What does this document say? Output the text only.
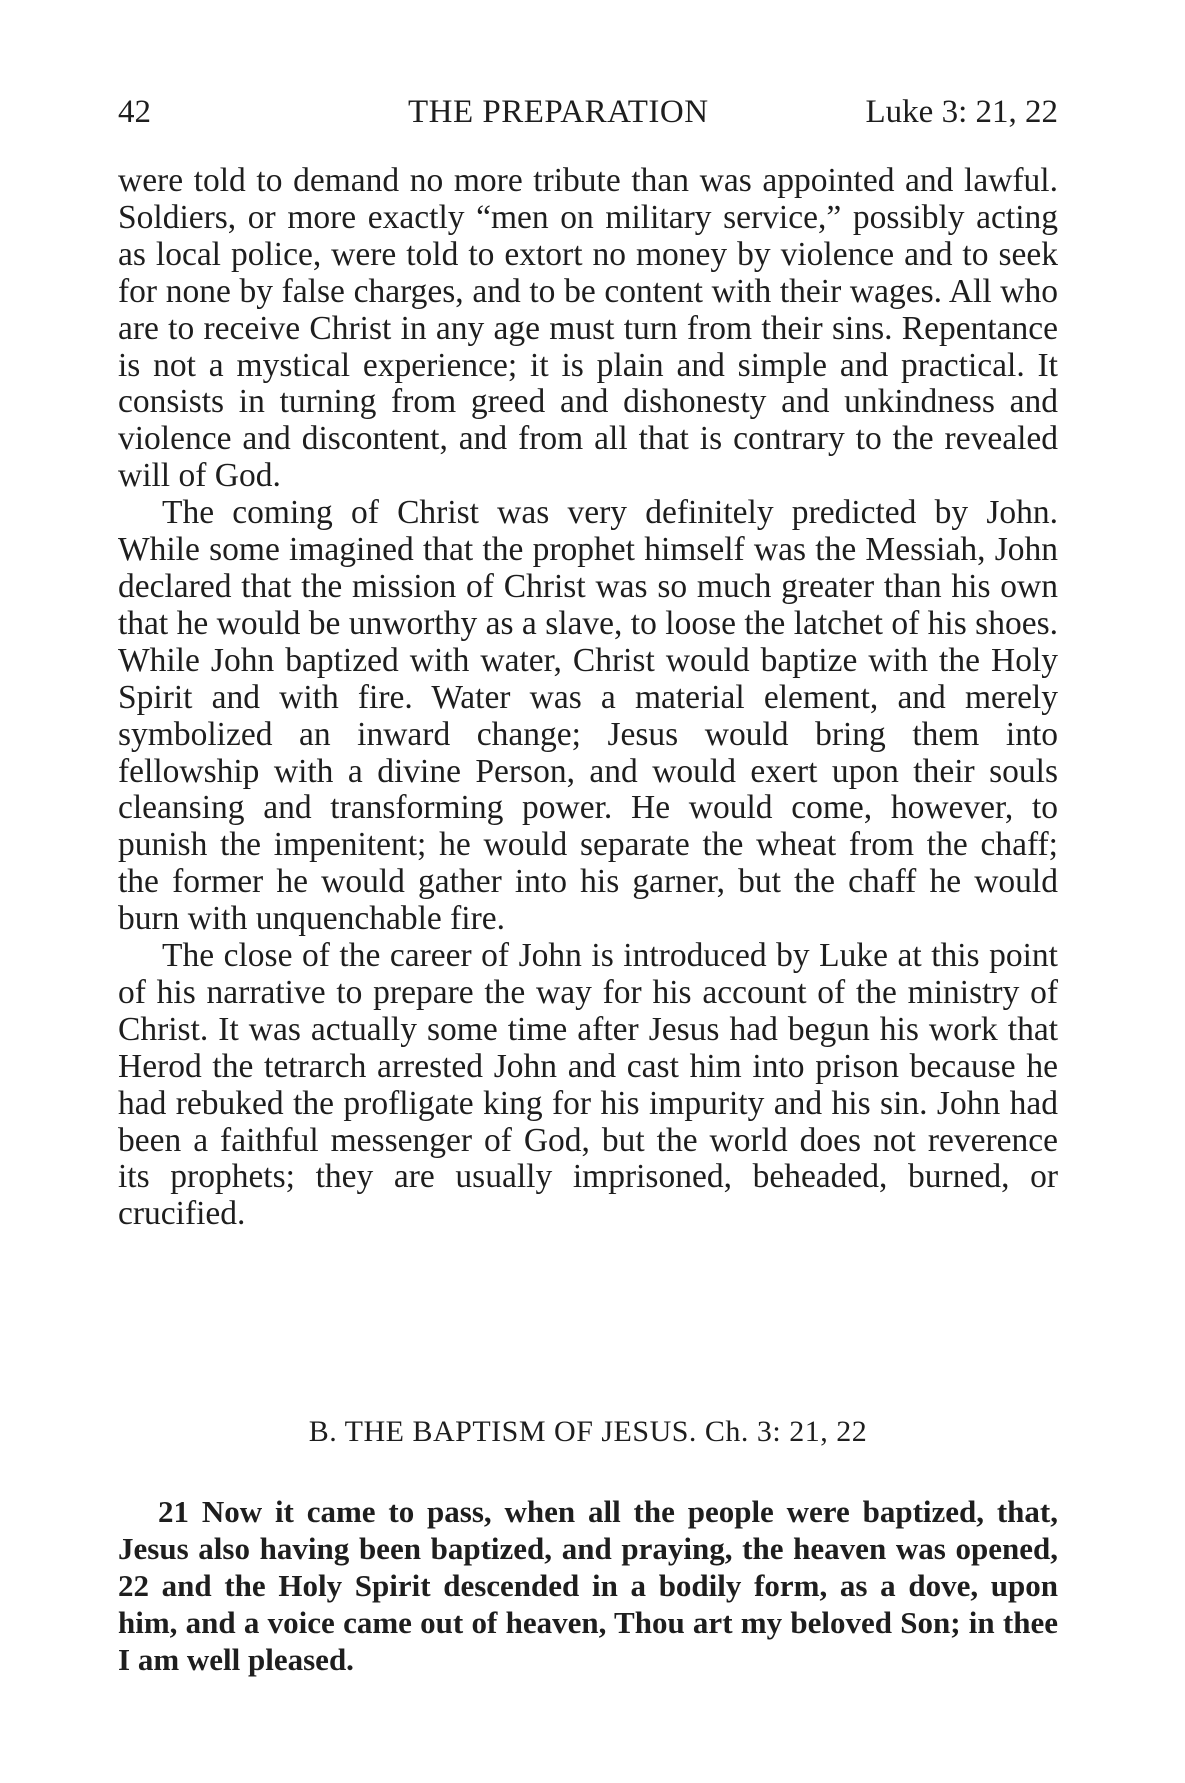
42	THE PREPARATION	Luke 3: 21, 22

were told to demand no more tribute than was appointed and lawful. Soldiers, or more exactly “men on military service,” possibly acting as local police, were told to extort no money by violence and to seek for none by false charges, and to be content with their wages. All who are to receive Christ in any age must turn from their sins. Repentance is not a mystical experience; it is plain and simple and practical. It consists in turning from greed and dishonesty and unkindness and violence and discontent, and from all that is contrary to the revealed will of God.

The coming of Christ was very definitely predicted by John. While some imagined that the prophet himself was the Messiah, John declared that the mission of Christ was so much greater than his own that he would be unworthy as a slave, to loose the latchet of his shoes. While John baptized with water, Christ would baptize with the Holy Spirit and with fire. Water was a material element, and merely symbolized an inward change; Jesus would bring them into fellowship with a divine Person, and would exert upon their souls cleansing and transforming power. He would come, however, to punish the impenitent; he would separate the wheat from the chaff; the former he would gather into his garner, but the chaff he would burn with unquenchable fire.

The close of the career of John is introduced by Luke at this point of his narrative to prepare the way for his account of the ministry of Christ. It was actually some time after Jesus had begun his work that Herod the tetrarch arrested John and cast him into prison because he had rebuked the profligate king for his impurity and his sin. John had been a faithful messenger of God, but the world does not reverence its prophets; they are usually imprisoned, beheaded, burned, or crucified.

B. THE BAPTISM OF JESUS. Ch. 3: 21, 22

21 Now it came to pass, when all the people were baptized, that, Jesus also having been baptized, and praying, the heaven was opened, 22 and the Holy Spirit descended in a bodily form, as a dove, upon him, and a voice came out of heaven, Thou art my beloved Son; in thee I am well pleased.
